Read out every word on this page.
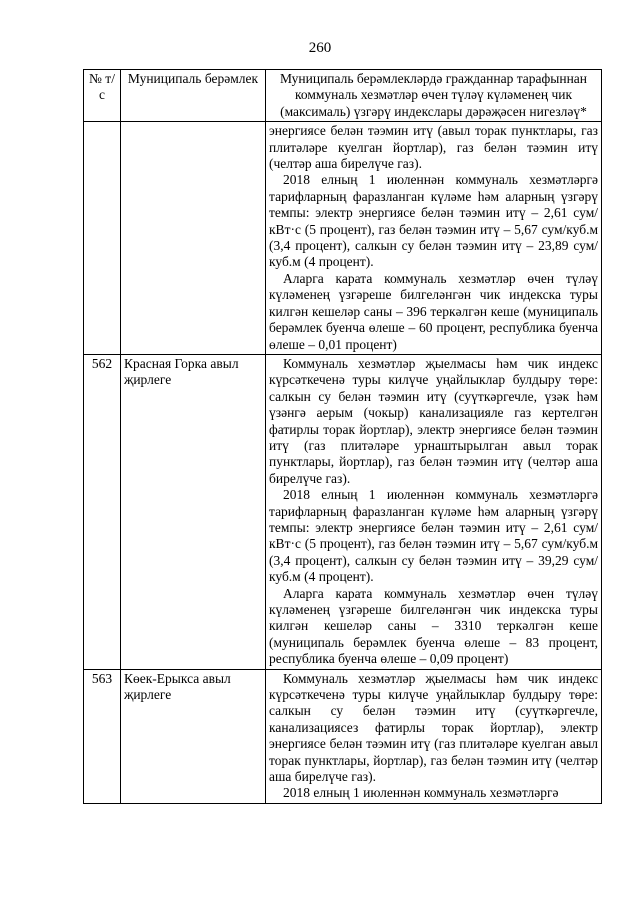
260
№ т/с	Муниципаль берәмлек	Муниципаль берәмлекләрдә гражданнар тарафыннан коммуналь хезмәтләр өчен түләү күләменең чик (максималь) үзгәрү индекслары дәрәҗәсен нигезләү*

		энергиясе белән тәэмин итү (авыл торак пунктлары, газ плитәләре куелган йортлар), газ белән тәэмин итү (челтәр аша бирелүче газ).

2018 елның 1 июленнән коммуналь хезмәтләргә тарифларның фаразланган күләме һәм аларның үзгәрү темпы: электр энергиясе белән тәэмин итү – 2,61 сум/кВт·с (5 процент), газ белән тәэмин итү – 5,67 сум/куб.м (3,4 процент), салкын су белән тәэмин итү – 23,89 сум/куб.м (4 процент).

Аларга карата коммуналь хезмәтләр өчен түләү күләменең үзгәреше билгеләнгән чик индекска туры килгән кешеләр саны – 396 теркәлгән кеше (муниципаль берәмлек буенча өлеше – 60 процент, республика буенча өлеше – 0,01 процент)

562	Красная Горка авыл җирлеге	Коммуналь хезмәтләр җыелмасы һәм чик индекс күрсәткеченә туры килүче уңайлыклар булдыру төре: салкын су белән тәэмин итү (суүткәргечле, үзәк һәм үзәнгә аерым (чокыр) канализацияле газ кертелгән фатирлы торак йортлар), электр энергиясе белән тәэмин итү (газ плитәләре урнаштырылган авыл торак пунктлары, йортлар), газ белән тәэмин итү (челтәр аша бирелүче газ).

2018 елның 1 июленнән коммуналь хезмәтләргә тарифларның фаразланган күләме һәм аларның үзгәрү темпы: электр энергиясе белән тәэмин итү – 2,61 сум/кВт·с (5 процент), газ белән тәэмин итү – 5,67 сум/куб.м (3,4 процент), салкын су белән тәэмин итү – 39,29 сум/куб.м (4 процент).

Аларга карата коммуналь хезмәтләр өчен түләү күләменең үзгәреше билгеләнгән чик индекска туры килгән кешеләр саны – 3310 теркәлгән кеше (муниципаль берәмлек буенча өлеше – 83 процент, республика буенча өлеше – 0,09 процент)

563	Көек-Ерыкса авыл җирлеге	Коммуналь хезмәтләр җыелмасы һәм чик индекс күрсәткеченә туры килүче уңайлыклар булдыру төре: салкын су белән тәэмин итү (суүткәргечле, канализациясез фатирлы торак йортлар), электр энергиясе белән тәэмин итү (газ плитәләре куелган авыл торак пунктлары, йортлар), газ белән тәэмин итү (челтәр аша бирелүче газ).

2018 елның 1 июленнән коммуналь хезмәтләргә
